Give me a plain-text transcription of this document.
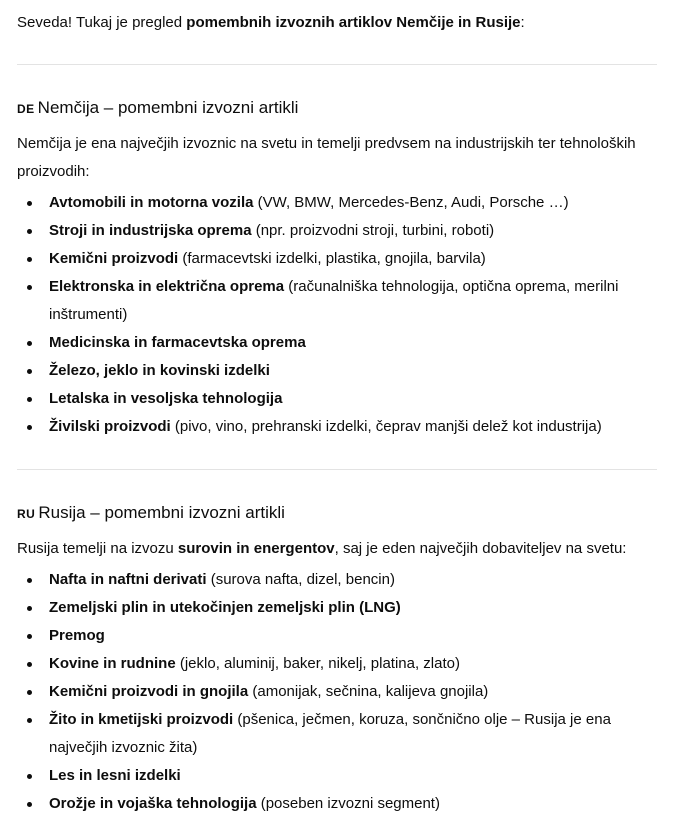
Seveda! Tukaj je pregled pomembnih izvoznih artiklov Nemčije in Rusije:

DE Nemčija – pomembni izvozni artikli

Nemčija je ena največjih izvoznic na svetu in temelji predvsem na industrijskih ter tehnoloških proizvodih:

Avtomobili in motorna vozila (VW, BMW, Mercedes-Benz, Audi, Porsche …)
Stroji in industrijska oprema (npr. proizvodni stroji, turbini, roboti)
Kemični proizvodi (farmacevtski izdelki, plastika, gnojila, barvila)
Elektronska in električna oprema (računalniška tehnologija, optična oprema, merilni inštrumenti)
Medicinska in farmacevtska oprema
Železo, jeklo in kovinski izdelki
Letalska in vesoljska tehnologija
Živilski proizvodi (pivo, vino, prehranski izdelki, čeprav manjši delež kot industrija)
RU Rusija – pomembni izvozni artikli

Rusija temelji na izvozu surovin in energentov, saj je eden največjih dobaviteljev na svetu:

Nafta in naftni derivati (surova nafta, dizel, bencin)
Zemeljski plin in utekočinjen zemeljski plin (LNG)
Premog
Kovine in rudnine (jeklo, aluminij, baker, nikelj, platina, zlato)
Kemični proizvodi in gnojila (amonijak, sečnina, kalijeva gnojila)
Žito in kmetijski proizvodi (pšenica, ječmen, koruza, sončnično olje – Rusija je ena največjih izvoznic žita)
Les in lesni izdelki
Orožje in vojaška tehnologija (poseben izvozni segment)
